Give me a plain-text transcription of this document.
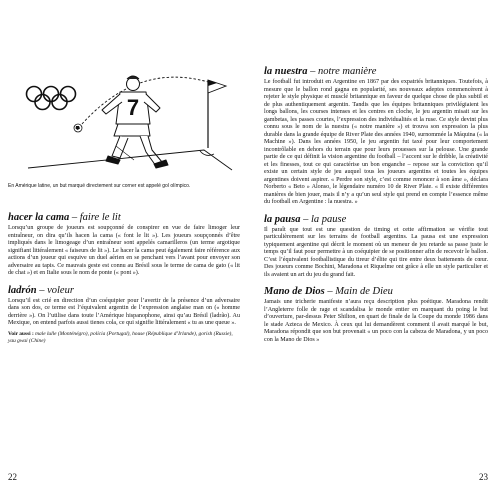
7
En Amérique latine, un but marqué directement sur corner est appelé gol olímpico.
hacer la cama – faire le lit

Lorsqu’un groupe de joueurs est soupçonné de conspirer en vue de faire limoger leur entraîneur, on dira qu’ils hacen la cama (« font le lit »). Les joueurs soupçonnés d’être impliqués dans le limogeage d’un entraîneur sont appelés camarilleros (un terme argotique signifiant littéralement « faiseurs de lit »). Le hacer la cama peut également faire référence aux actions d’un joueur qui esquive un duel aérien en se penchant vers l’avant pour envoyer son adversaire au tapis. Ce mauvais geste est connu au Brésil sous le terme de cama de gato (« lit de chat ») et en Italie sous le nom de ponte (« pont »).

ladrón – voleur

Lorsqu’il est crié en direction d’un coéquipier pour l’avertir de la présence d’un adversaire dans son dos, ce terme est l’équivalent argentin de l’expression anglaise man on (« homme derrière »). On l’utilise dans toute l’Amérique hispanophone, ainsi qu’au Brésil (ladrão). Au Mexique, on entend parfois aussi tienes cola, ce qui signifie littéralement « tu as une queue ».

Voir aussi : male lulle (Monténégro), polícia (Portugal), house (République d’Irlande), gorish (Russie), yau gwai (Chine)

22
la nuestra – notre manière

Le football fut introduit en Argentine en 1867 par des expatriés britanniques. Toutefois, à mesure que le ballon rond gagna en popularité, ses nouveaux adeptes commencèrent à rejeter le style physique et musclé britannique en faveur de quelque chose de plus subtil et de plus authentiquement argentin. Tandis que les équipes britanniques privilégiaient les longs ballons, les courses intenses et les centres en cloche, le jeu argentin misait sur les gambetas, les passes courtes, l’expression des individualités et la ruse. Ce style devint plus connu sous le nom de la nuestra (« notre manière ») et trouva son expression la plus durable dans la grande équipe de River Plate des années 1940, surnommée la Máquina (« la Machine »). Dans les années 1950, le jeu argentin fut taxé pour leur comportement incontrôlable en dehors du terrain que pour leurs prouesses sur la pelouse. Une grande partie de ce qui définit la vision argentine du football – l’accent sur le dribble, la créativité et les finesses, tout ce qui caractérise un bon enganche – repose sur la conviction qu’il existe un certain style de jeu auquel tous les joueurs argentins et toutes les équipes argentines doivent aspirer. « Perdre son style, c’est comme renoncer à son âme », déclara Norberto « Beto » Alonso, le légendaire numéro 10 de River Plate. « Il existe différentes manières de bien jouer, mais il n’y a qu’un seul style qui prend en compte l’essence même du football en Argentine : la nuestra. »

la pausa – la pause

Il paraît que tout est une question de timing et cette affirmation se vérifie tout particulièrement sur les terrains de football argentins. La pausa est une expression typiquement argentine qui décrit le moment où un meneur de jeu retarde sa passe juste le temps qu’il faut pour permettre à un coéquipier de se positionner afin de recevoir le ballon. C’est l’équivalent footballistique du tireur d’élite qui tire entre deux battements de cœur. Des joueurs comme Bochini, Maradona et Riquelme ont grâce à elle un style particulier et ils avaient un art du jeu du grand fait.

Mano de Dios – Main de Dieu

Jamais une tricherie manifeste n’aura reçu description plus poétique. Maradona rendit l’Angleterre folle de rage et scandalisa le monde entier en marquant du poing le but d’ouverture, par-dessus Peter Shilton, en quart de finale de la Coupe du monde 1986 dans le stade Azteca de Mexico. À ceux qui lui demandèrent comment il avait marqué le but, Maradona répondit que son but provenait « un poco con la cabeza de Maradona, y un poco con la Mano de Dios »

23
